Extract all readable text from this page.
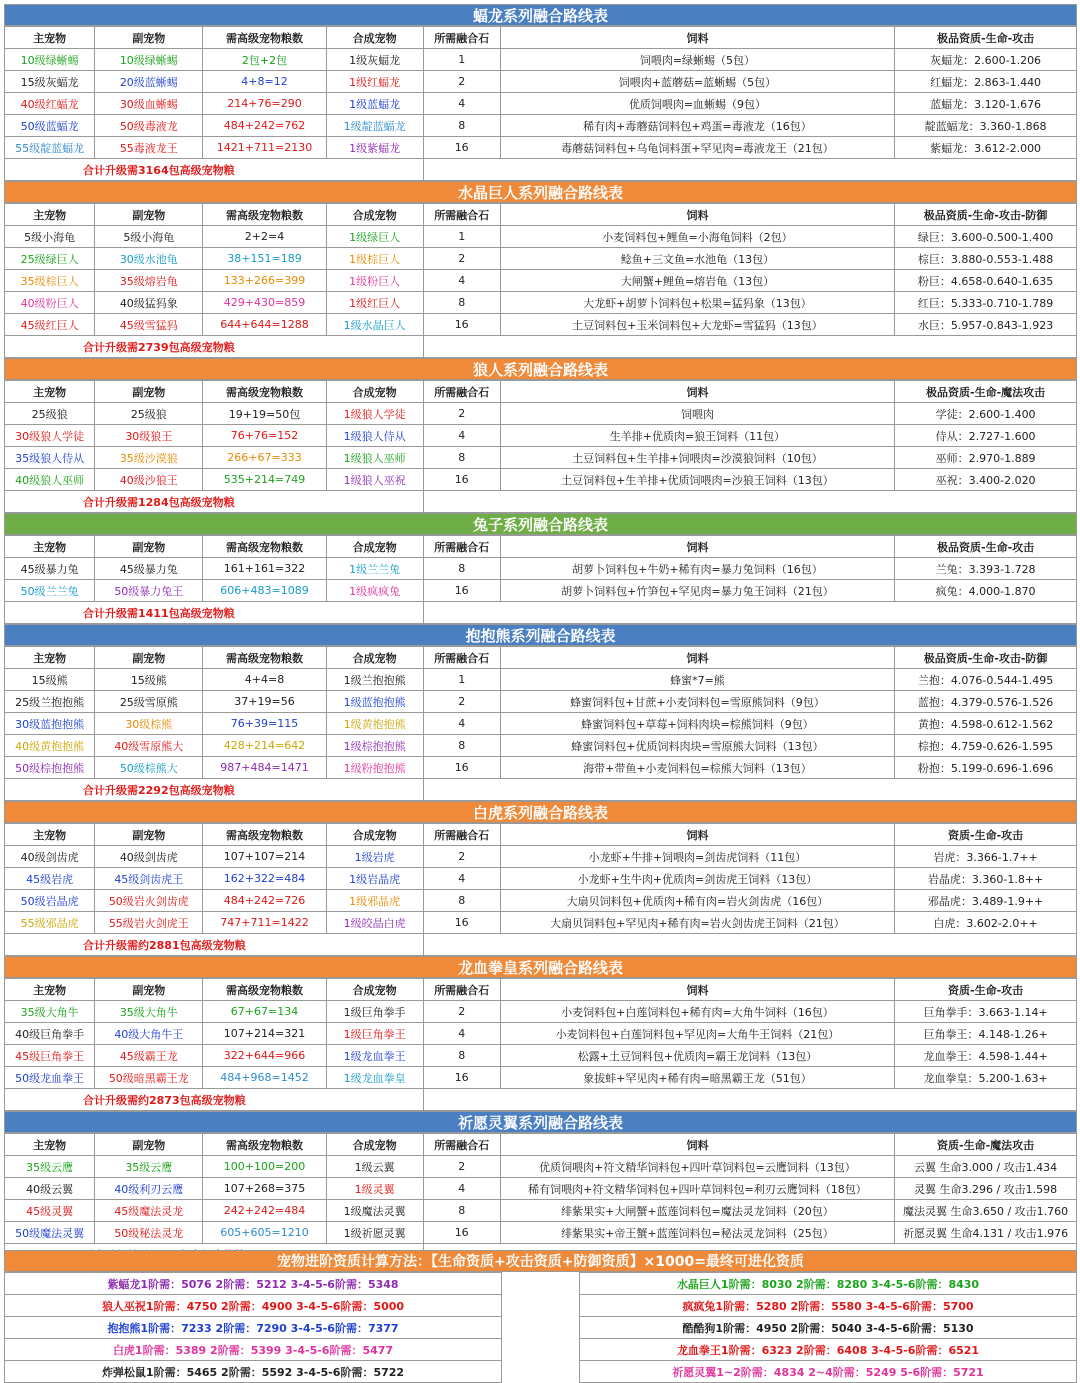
蝠龙系列融合路线表
主宠物	副宠物	需高级宠物粮数	合成宠物	所需融合石	饲料	极品资质-生命-攻击
10级绿蜥蜴	10级绿蜥蜴	2包+2包	1级灰蝠龙	1	饲喂肉=绿蜥蜴（5包）	灰蝠龙：2.600-1.206
15级灰蝠龙	20级蓝蜥蜴	4+8=12	1级红蝠龙	2	饲喂肉+蓝蘑菇=蓝蜥蜴（5包）	红蝠龙：2.863-1.440
40级红蝠龙	30级血蜥蜴	214+76=290	1级蓝蝠龙	4	优质饲喂肉=血蜥蜴（9包）	蓝蝠龙：3.120-1.676
50级蓝蝠龙	50级毒液龙	484+242=762	1级靛蓝蝠龙	8	稀有肉+毒蘑菇饲料包+鸡蛋=毒液龙（16包）	靛蓝蝠龙：3.360-1.868
55级靛蓝蝠龙	55毒液龙王	1421+711=2130	1级紫蝠龙	16	毒蘑菇饲料包+乌龟饲料蛋+罕见肉=毒液龙王（21包）	紫蝠龙：3.612-2.000
合计升级需3164包高级宠物粮						
水晶巨人系列融合路线表
主宠物	副宠物	需高级宠物粮数	合成宠物	所需融合石	饲料	极品资质-生命-攻击-防御
5级小海龟	5级小海龟	2+2=4	1级绿巨人	1	小麦饲料包+鲤鱼=小海龟饲料（2包）	绿巨：3.600-0.500-1.400
25级绿巨人	30级水池龟	38+151=189	1级棕巨人	2	鲶鱼+三文鱼=水池龟（13包）	棕巨：3.880-0.553-1.488
35级棕巨人	35级熔岩龟	133+266=399	1级粉巨人	4	大闸蟹+鲤鱼=熔岩龟（13包）	粉巨：4.658-0.640-1.635
40级粉巨人	40级猛犸象	429+430=859	1级红巨人	8	大龙虾+胡萝卜饲料包+松果=猛犸象（13包）	红巨：5.333-0.710-1.789
45级红巨人	45级雪猛犸	644+644=1288	1级水晶巨人	16	土豆饲料包+玉米饲料包+大龙虾=雪猛犸（13包）	水巨：5.957-0.843-1.923
合计升级需2739包高级宠物粮						
狼人系列融合路线表
主宠物	副宠物	需高级宠物粮数	合成宠物	所需融合石	饲料	极品资质-生命-魔法攻击
25级狼	25级狼	19+19=50包	1级狼人学徒	2	饲喂肉	学徒：2.600-1.400
30级狼人学徒	30级狼王	76+76=152	1级狼人侍从	4	生羊排+优质肉=狼王饲料（11包）	侍从：2.727-1.600
35级狼人侍从	35级沙漠狼	266+67=333	1级狼人巫师	8	土豆饲料包+生羊排+饲喂肉=沙漠狼饲料（10包）	巫师：2.970-1.889
40级狼人巫师	40级沙狼王	535+214=749	1级狼人巫祝	16	土豆饲料包+生羊排+优质饲喂肉=沙狼王饲料（13包）	巫祝：3.400-2.020
合计升级需1284包高级宠物粮						
兔子系列融合路线表
主宠物	副宠物	需高级宠物粮数	合成宠物	所需融合石	饲料	极品资质-生命-攻击
45级暴力兔	45级暴力兔	161+161=322	1级兰兰兔	8	胡萝卜饲料包+牛奶+稀有肉=暴力兔饲料（16包）	兰兔：3.393-1.728
50级兰兰兔	50级暴力兔王	606+483=1089	1级疯疯兔	16	胡萝卜饲料包+竹笋包+罕见肉=暴力兔王饲料（21包）	疯兔：4.000-1.870
合计升级需1411包高级宠物粮						
抱抱熊系列融合路线表
主宠物	副宠物	需高级宠物粮数	合成宠物	所需融合石	饲料	极品资质-生命-攻击-防御
15级熊	15级熊	4+4=8	1级兰抱抱熊	1	蜂蜜*7=熊	兰抱：4.076-0.544-1.495
25级兰抱抱熊	25级雪原熊	37+19=56	1级蓝抱抱熊	2	蜂蜜饲料包+甘蔗+小麦饲料包=雪原熊饲料（9包）	蓝抱：4.379-0.576-1.526
30级蓝抱抱熊	30级棕熊	76+39=115	1级黄抱抱熊	4	蜂蜜饲料包+草莓+饲料肉块=棕熊饲料（9包）	黄抱：4.598-0.612-1.562
40级黄抱抱熊	40级雪原熊大	428+214=642	1级棕抱抱熊	8	蜂蜜饲料包+优质饲料肉块=雪原熊大饲料（13包）	棕抱：4.759-0.626-1.595
50级棕抱抱熊	50级棕熊大	987+484=1471	1级粉抱抱熊	16	海带+带鱼+小麦饲料包=棕熊大饲料（13包）	粉抱：5.199-0.696-1.696
合计升级需2292包高级宠物粮						
白虎系列融合路线表
主宠物	副宠物	需高级宠物粮数	合成宠物	所需融合石	饲料	资质-生命-攻击
40级剑齿虎	40级剑齿虎	107+107=214	1级岩虎	2	小龙虾+牛排+饲喂肉=剑齿虎饲料（11包）	岩虎：3.366-1.7++
45级岩虎	45级剑齿虎王	162+322=484	1级岩晶虎	4	小龙虾+生牛肉+优质肉=剑齿虎王饲料（13包）	岩晶虎：3.360-1.8++
50级岩晶虎	50级岩火剑齿虎	484+242=726	1级邪晶虎	8	大扇贝饲料包+优质肉+稀有肉=岩火剑齿虎（16包）	邪晶虎：3.489-1.9++
55级邪晶虎	55级岩火剑虎王	747+711=1422	1级皎晶白虎	16	大扇贝饲料包+罕见肉+稀有肉=岩火剑齿虎王饲料（21包）	白虎：3.602-2.0++
合计升级需约2881包高级宠物粮						
龙血拳皇系列融合路线表
主宠物	副宠物	需高级宠物粮数	合成宠物	所需融合石	饲料	资质-生命-攻击
35级大角牛	35级大角牛	67+67=134	1级巨角拳手	2	小麦饲料包+白莲饲料包+稀有肉=大角牛饲料（16包）	巨角拳手：3.663-1.14+
40级巨角拳手	40级大角牛王	107+214=321	1级巨角拳王	4	小麦饲料包+白莲饲料包+罕见肉=大角牛王饲料（21包）	巨角拳王：4.148-1.26+
45级巨角拳王	45级霸王龙	322+644=966	1级龙血拳王	8	松露+土豆饲料包+优质肉=霸王龙饲料（13包）	龙血拳王：4.598-1.44+
50级龙血拳王	50级暗黑霸王龙	484+968=1452	1级龙血拳皇	16	象拔蚌+罕见肉+稀有肉=暗黑霸王龙（51包）	龙血拳皇：5.200-1.63+
合计升级需约2873包高级宠物粮						
祈愿灵翼系列融合路线表
主宠物	副宠物	需高级宠物粮数	合成宠物	所需融合石	饲料	资质-生命-魔法攻击
35级云鹰	35级云鹰	100+100=200	1级云翼	2	优质饲喂肉+符文精华饲料包+四叶草饲料包=云鹰饲料（13包）	云翼 生命3.000 / 攻击1.434
40级云翼	40级利刃云鹰	107+268=375	1级灵翼	4	稀有饲喂肉+符文精华饲料包+四叶草饲料包=利刃云鹰饲料（18包）	灵翼 生命3.296 / 攻击1.598
45级灵翼	45级魔法灵龙	242+242=484	1级魔法灵翼	8	绯紫果实+大闸蟹+蓝莲饲料包=魔法灵龙饲料（20包）	魔法灵翼 生命3.650 / 攻击1.760
50级魔法灵翼	50级秘法灵龙	605+605=1210	1级祈愿灵翼	16	绯紫果实+帝王蟹+蓝莲饲料包=秘法灵龙饲料（25包）	祈愿灵翼 生命4.131 / 攻击1.976

宠物进阶资质计算方法：【生命资质+攻击资质+防御资质】×1000=最终可进化资质
紫蝠龙1阶需：5076 2阶需：5212 3-4-5-6阶需：5348
狼人巫祝1阶需：4750 2阶需：4900 3-4-5-6阶需：5000
抱抱熊1阶需：7233 2阶需：7290 3-4-5-6阶需：7377
白虎1阶需：5389 2阶需：5399 3-4-5-6阶需：5477
炸弹松鼠1阶需：5465 2阶需：5592 3-4-5-6阶需：5722
水晶巨人1阶需：8030 2阶需：8280 3-4-5-6阶需：8430
疯疯兔1阶需：5280 2阶需：5580 3-4-5-6阶需：5700
酷酷狗1阶需：4950 2阶需：5040 3-4-5-6阶需：5130
龙血拳王1阶需：6323 2阶需：6408 3-4-5-6阶需：6521
祈愿灵翼1~2阶需：4834 2~4阶需：5249 5-6阶需：5721
